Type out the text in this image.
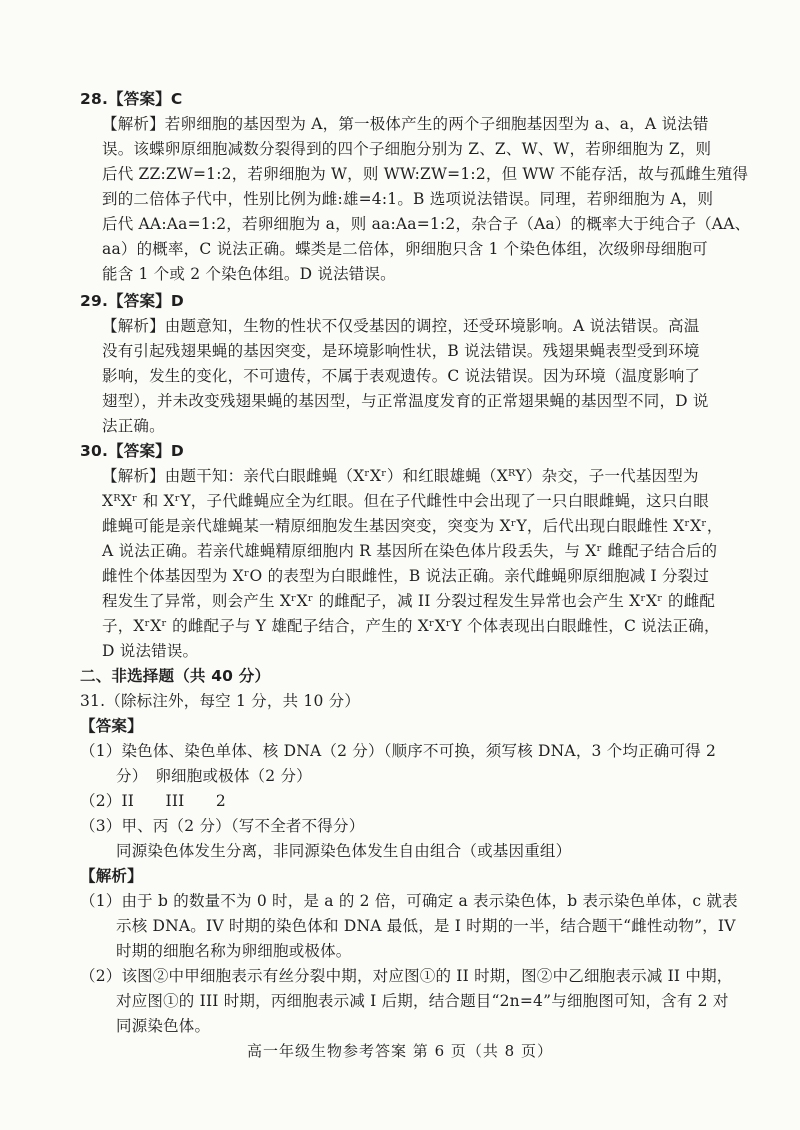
28.【答案】C
【解析】若卵细胞的基因型为 A，第一极体产生的两个子细胞基因型为 a、a，A 说法错
误。该蝶卵原细胞减数分裂得到的四个子细胞分别为 Z、Z、W、W，若卵细胞为 Z，则
后代 ZZ:ZW=1:2，若卵细胞为 W，则 WW:ZW=1:2，但 WW 不能存活，故与孤雌生殖得
到的二倍体子代中，性别比例为雌:雄=4:1。B 选项说法错误。同理，若卵细胞为 A，则
后代 AA:Aa=1:2，若卵细胞为 a，则 aa:Aa=1:2，杂合子（Aa）的概率大于纯合子（AA、
aa）的概率，C 说法正确。蝶类是二倍体，卵细胞只含 1 个染色体组，次级卵母细胞可
能含 1 个或 2 个染色体组。D 说法错误。
29.【答案】D
【解析】由题意知，生物的性状不仅受基因的调控，还受环境影响。A 说法错误。高温
没有引起残翅果蝇的基因突变，是环境影响性状，B 说法错误。残翅果蝇表型受到环境
影响，发生的变化，不可遗传，不属于表观遗传。C 说法错误。因为环境（温度影响了
翅型），并未改变残翅果蝇的基因型，与正常温度发育的正常翅果蝇的基因型不同，D 说
法正确。
30.【答案】D
【解析】由题干知：亲代白眼雌蝇（XʳXʳ）和红眼雄蝇（XᴿY）杂交，子一代基因型为
XᴿXʳ 和 XʳY，子代雌蝇应全为红眼。但在子代雌性中会出现了一只白眼雌蝇，这只白眼
雌蝇可能是亲代雄蝇某一精原细胞发生基因突变，突变为 XʳY，后代出现白眼雌性 XʳXʳ，
A 说法正确。若亲代雄蝇精原细胞内 R 基因所在染色体片段丢失，与 Xʳ 雌配子结合后的
雌性个体基因型为 XʳO 的表型为白眼雌性，B 说法正确。亲代雌蝇卵原细胞减 I 分裂过
程发生了异常，则会产生 XʳXʳ 的雌配子，减 II 分裂过程发生异常也会产生 XʳXʳ 的雌配
子，XʳXʳ 的雌配子与 Y 雄配子结合，产生的 XʳXʳY 个体表现出白眼雌性，C 说法正确，
D 说法错误。
二、非选择题（共 40 分）
31.（除标注外，每空 1 分，共 10 分）
【答案】
（1）染色体、染色单体、核 DNA（2 分）（顺序不可换，须写核 DNA，3 个均正确可得 2
分）　卵细胞或极体（2 分）
（2）II　　III　　2
（3）甲、丙（2 分）（写不全者不得分）
同源染色体发生分离，非同源染色体发生自由组合（或基因重组）
【解析】
（1）由于 b 的数量不为 0 时，是 a 的 2 倍，可确定 a 表示染色体，b 表示染色单体，c 就表
示核 DNA。IV 时期的染色体和 DNA 最低，是 I 时期的一半，结合题干“雌性动物”，IV
时期的细胞名称为卵细胞或极体。
（2）该图②中甲细胞表示有丝分裂中期，对应图①的 II 时期，图②中乙细胞表示减 II 中期，
对应图①的 III 时期，丙细胞表示减 I 后期，结合题目“2n=4”与细胞图可知，含有 2 对
同源染色体。
高一年级生物参考答案 第 6 页（共 8 页）
